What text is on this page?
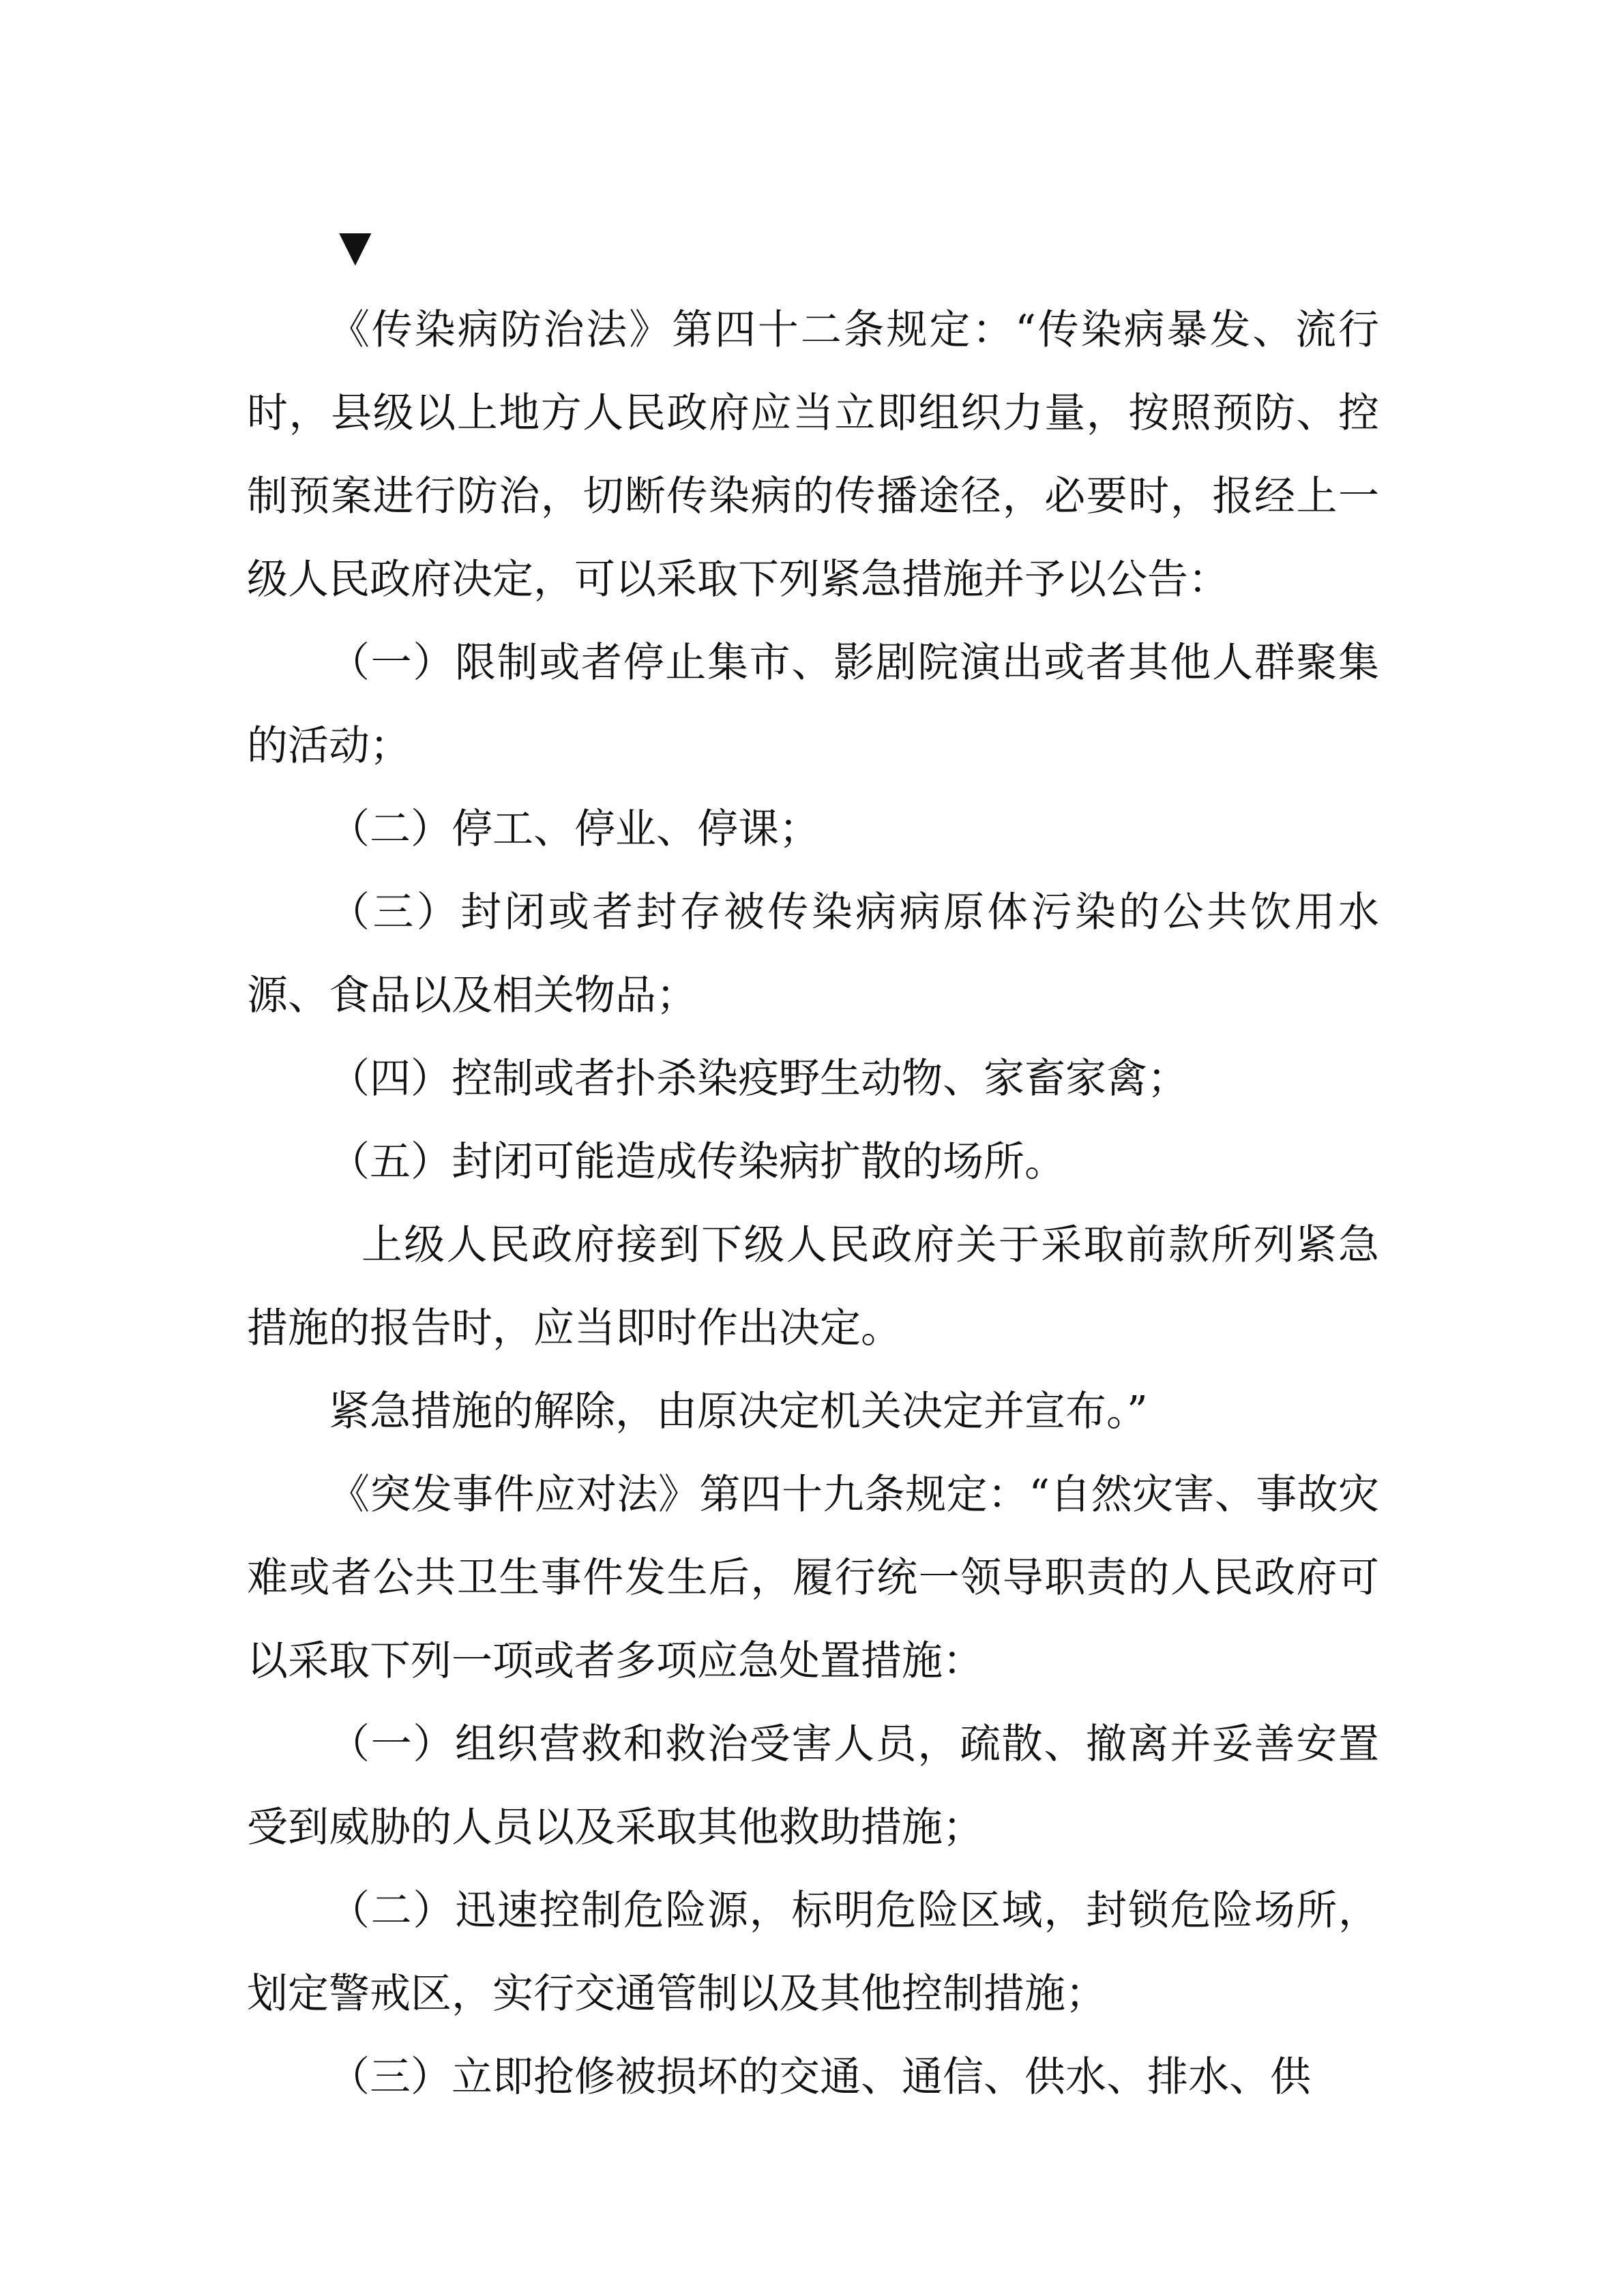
▼

《传染病防治法》第四十二条规定：“传染病暴发、流行时，县级以上地方人民政府应当立即组织力量，按照预防、控制预案进行防治，切断传染病的传播途径，必要时，报经上一级人民政府决定，可以采取下列紧急措施并予以公告：

（一）限制或者停止集市、影剧院演出或者其他人群聚集的活动；

（二）停工、停业、停课；

（三）封闭或者封存被传染病病原体污染的公共饮用水源、食品以及相关物品；

（四）控制或者扑杀染疫野生动物、家畜家禽；

（五）封闭可能造成传染病扩散的场所。

上级人民政府接到下级人民政府关于采取前款所列紧急措施的报告时，应当即时作出决定。

紧急措施的解除，由原决定机关决定并宣布。”

《突发事件应对法》第四十九条规定：“自然灾害、事故灾难或者公共卫生事件发生后，履行统一领导职责的人民政府可以采取下列一项或者多项应急处置措施：

（一）组织营救和救治受害人员，疏散、撤离并妥善安置受到威胁的人员以及采取其他救助措施；

（二）迅速控制危险源，标明危险区域，封锁危险场所，划定警戒区，实行交通管制以及其他控制措施；

（三）立即抢修被损坏的交通、通信、供水、排水、供
